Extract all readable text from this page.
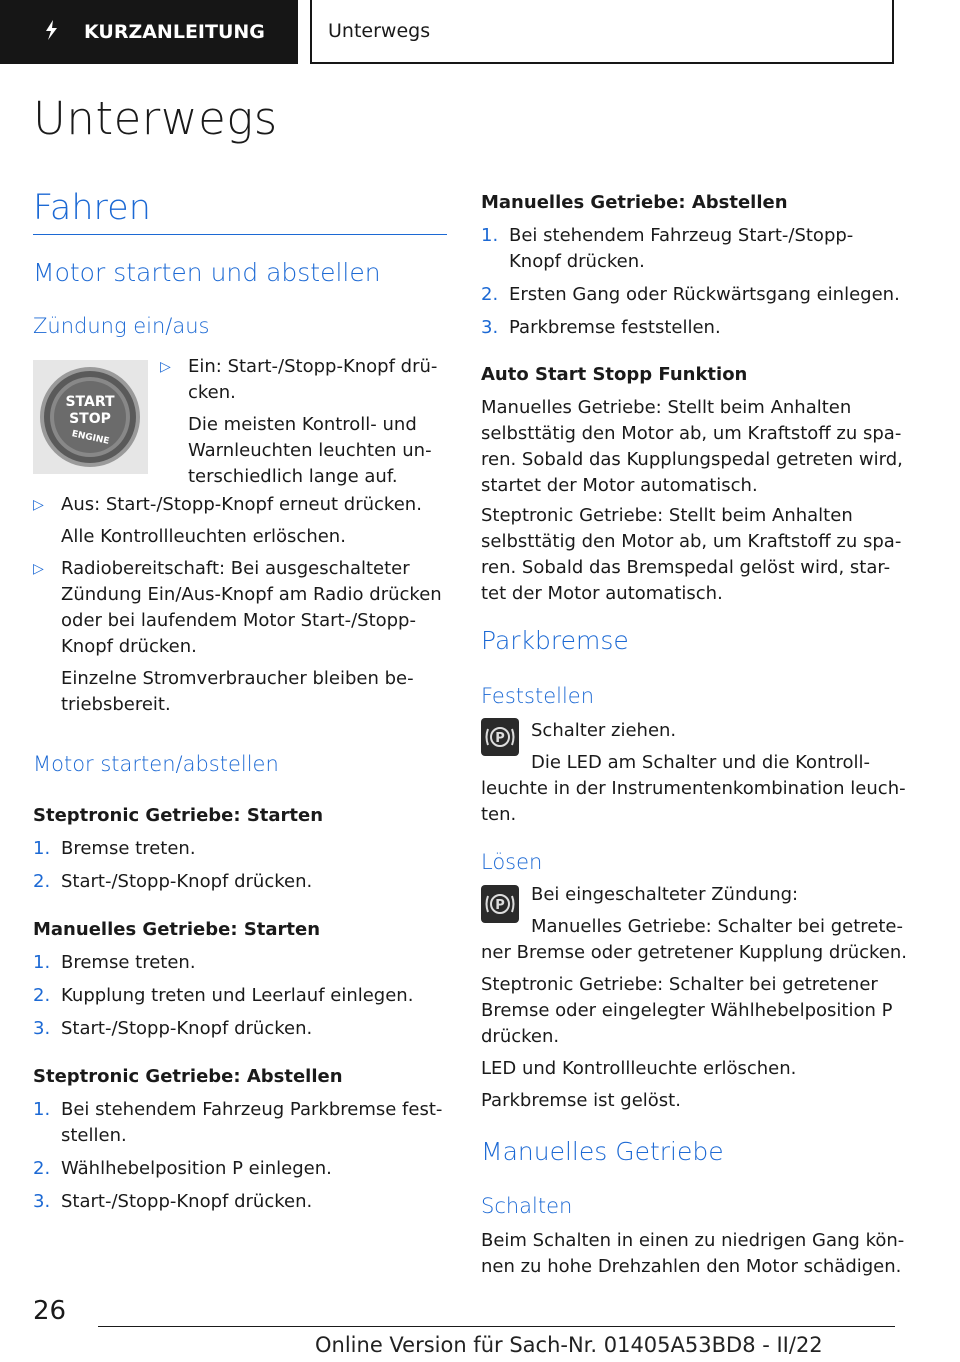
KURZANLEITUNG	Unterwegs
Unterwegs
Fahren
Motor starten und abstellen
Zündung ein/aus
START
STOP
ENGINE
▷ Ein: Start-/Stopp-Knopf drü-
cken.
Die meisten Kontroll- und
Warnleuchten leuchten un-
terschiedlich lange auf.
▷ Aus: Start-/Stopp-Knopf erneut drücken.
Alle Kontrollleuchten erlöschen.
▷ Radiobereitschaft: Bei ausgeschalteter
Zündung Ein/Aus-Knopf am Radio drücken
oder bei laufendem Motor Start-/Stopp-
Knopf drücken.
Einzelne Stromverbraucher bleiben be-
triebsbereit.
Motor starten/abstellen
Steptronic Getriebe: Starten
1. Bremse treten.
2. Start-/Stopp-Knopf drücken.
Manuelles Getriebe: Starten
1. Bremse treten.
2. Kupplung treten und Leerlauf einlegen.
3. Start-/Stopp-Knopf drücken.
Steptronic Getriebe: Abstellen
1. Bei stehendem Fahrzeug Parkbremse fest-
stellen.
2. Wählhebelposition P einlegen.
3. Start-/Stopp-Knopf drücken.
Manuelles Getriebe: Abstellen
1. Bei stehendem Fahrzeug Start-/Stopp-
Knopf drücken.
2. Ersten Gang oder Rückwärtsgang einlegen.
3. Parkbremse feststellen.
Auto Start Stopp Funktion

Manuelles Getriebe: Stellt beim Anhalten

selbsttätig den Motor ab, um Kraftstoff zu spa-

ren. Sobald das Kupplungspedal getreten wird,

startet der Motor automatisch.

Steptronic Getriebe: Stellt beim Anhalten

selbsttätig den Motor ab, um Kraftstoff zu spa-

ren. Sobald das Bremspedal gelöst wird, star-

tet der Motor automatisch.

Parkbremse
Feststellen
P Schalter ziehen.

Die LED am Schalter und die Kontroll-

leuchte in der Instrumentenkombination leuch-

ten.

Lösen
P

Bei eingeschalteter Zündung:

Manuelles Getriebe: Schalter bei getrete-

ner Bremse oder getretener Kupplung drücken.

Steptronic Getriebe: Schalter bei getretener

Bremse oder eingelegter Wählhebelposition P

drücken.

LED und Kontrollleuchte erlöschen.

Parkbremse ist gelöst.

Manuelles Getriebe
Schalten

Beim Schalten in einen zu niedrigen Gang kön-

nen zu hohe Drehzahlen den Motor schädigen.

26
Online Version für Sach-Nr. 01405A53BD8 - II/22
